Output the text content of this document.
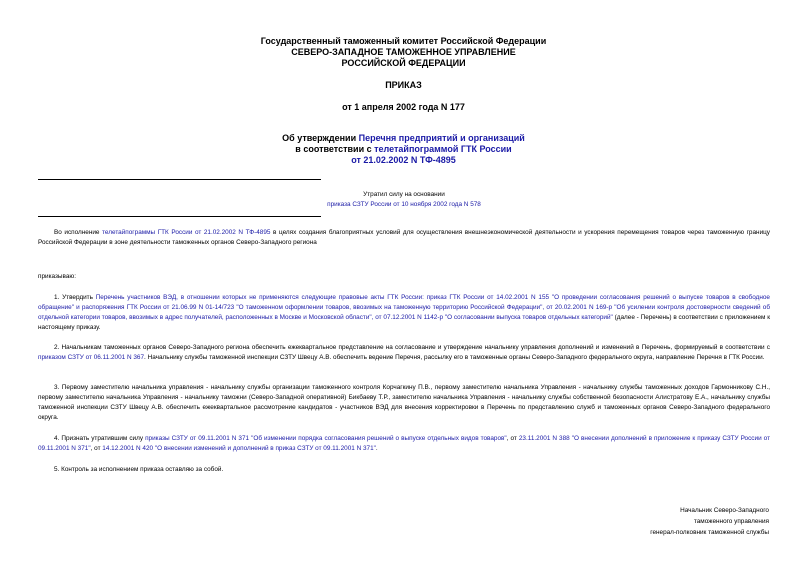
Государственный таможенный комитет Российской Федерации
СЕВЕРО-ЗАПАДНОЕ ТАМОЖЕННОЕ УПРАВЛЕНИЕ
РОССИЙСКОЙ ФЕДЕРАЦИИ
ПРИКАЗ
от 1 апреля 2002 года N 177
Об утверждении Перечня предприятий и организаций
в соответствии с телетайпограммой ГТК России
от 21.02.2002 N ТФ-4895
Утратил силу на основании
приказа СЗТУ России от 10 ноября 2002 года N 578
Во исполнение телетайпограммы ГТК России от 21.02.2002 N ТФ-4895 в целях создания благоприятных условий для осуществления внешнеэкономической деятельности и ускорения перемещения товаров через таможенную границу Российской Федерации в зоне деятельности таможенных органов Северо-Западного региона
приказываю:
1. Утвердить Перечень участников ВЭД, в отношении которых не применяются следующие правовые акты ГТК России: приказ ГТК России от 14.02.2001 N 155 "О проведении согласования решений о выпуске товаров в свободное обращение" и распоряжения ГТК России от 21.06.99 N 01-14/723 "О таможенном оформлении товаров, ввозимых на таможенную территорию Российской Федерации", от 20.02.2001 N 169-р "Об усилении контроля достоверности сведений об отдельной категории товаров, ввозимых в адрес получателей, расположенных в Москве и Московской области", от 07.12.2001 N 1142-р "О согласовании выпуска товаров отдельных категорий" (далее - Перечень) в соответствии с приложением к настоящему приказу.
2. Начальникам таможенных органов Северо-Западного региона обеспечить ежеквартальное представление на согласование и утверждение начальнику управления дополнений и изменений в Перечень, формируемый в соответствии с приказом СЗТУ от 06.11.2001 N 367. Начальнику службы таможенной инспекции СЗТУ Швецу А.В. обеспечить ведение Перечня, рассылку его в таможенные органы Северо-Западного федерального округа, направление Перечня в ГТК России.
3. Первому заместителю начальника управления - начальнику службы организации таможенного контроля Корчагкину П.В., первому заместителю начальника Управления - начальнику службы таможенных доходов Гармонникову С.Н., первому заместителю начальника Управления - начальнику таможни (Северо-Западной оперативной) Бикбаеву Т.Р., заместителю начальника Управления - начальнику службы собственной безопасности Алистратову Е.А., начальнику службы таможенной инспекции СЗТУ Швецу А.В. обеспечить ежеквартальное рассмотрение кандидатов - участников ВЭД для внесения корректировки в Перечень по представлению служб и таможенных органов Северо-Западного федерального округа.
4. Признать утратившим силу приказы СЗТУ от 09.11.2001 N 371 "Об изменении порядка согласования решений о выпуске отдельных видов товаров", от 23.11.2001 N 388 "О внесении дополнений в приложение к приказу СЗТУ России от 09.11.2001 N 371", от 14.12.2001 N 420 "О внесении изменений и дополнений в приказ СЗТУ от 09.11.2001 N 371".
5. Контроль за исполнением приказа оставляю за собой.
Начальник Северо-Западного
таможенного управления
генерал-полковник таможенной службы
